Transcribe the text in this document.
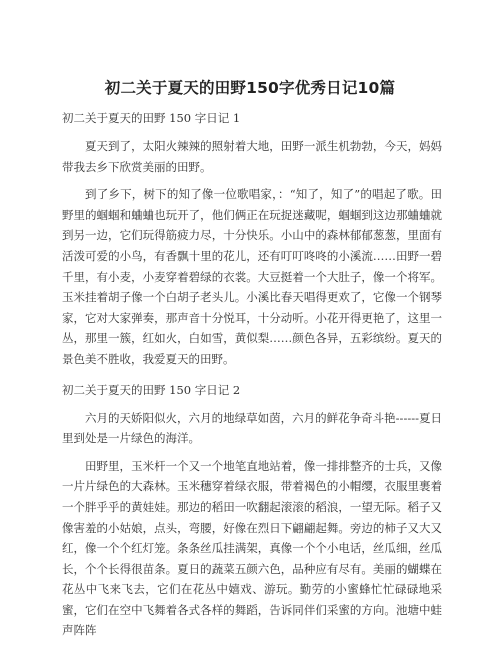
初二关于夏天的田野150字优秀日记10篇
初二关于夏天的田野 150 字日记 1

夏天到了，太阳火辣辣的照射着大地，田野一派生机勃勃，今天，妈妈带我去乡下欣赏美丽的田野。

到了乡下，树下的知了像一位歌唱家，：“知了，知了”的唱起了歌。田野里的蝈蝈和蛐蛐也玩开了，他们俩正在玩捉迷藏呢，蝈蝈到这边那蛐蛐就到另一边，它们玩得筋疲力尽，十分快乐。小山中的森林郁郁葱葱，里面有活泼可爱的小鸟，有香飘十里的花儿，还有叮叮咚咚的小溪流……田野一碧千里，有小麦，小麦穿着碧绿的衣裳。大豆挺着一个大肚子，像一个将军。玉米挂着胡子像一个白胡子老头儿。小溪比春天唱得更欢了，它像一个钢琴家，它对大家弹奏，那声音十分悦耳，十分动听。小花开得更艳了，这里一丛，那里一簇，红如火，白如雪，黄似梨……颜色各异，五彩缤纷。夏天的景色美不胜收，我爱夏天的田野。

初二关于夏天的田野 150 字日记 2

六月的天娇阳似火，六月的地绿草如茵，六月的鲜花争奇斗艳------夏日里到处是一片绿色的海洋。

田野里，玉米杆一个又一个地笔直地站着，像一排排整齐的士兵，又像一片片绿色的大森林。玉米穗穿着绿衣服，带着褐色的小帽缨，衣服里裹着一个胖乎乎的黄娃娃。那边的稻田一吹翻起滚滚的稻浪，一望无际。稻子又像害羞的小姑娘，点头，弯腰，好像在烈日下翩翩起舞。旁边的柿子又大又红，像一个个红灯笼。条条丝瓜挂满架，真像一个个小电话，丝瓜细，丝瓜长，个个长得很苗条。夏日的蔬菜五颜六色，品种应有尽有。美丽的蝴蝶在花丛中飞来飞去，它们在花丛中嬉戏、游玩。勤劳的小蜜蜂忙忙碌碌地采蜜，它们在空中飞舞着各式各样的舞蹈，告诉同伴们采蜜的方向。池塘中蛙声阵阵
